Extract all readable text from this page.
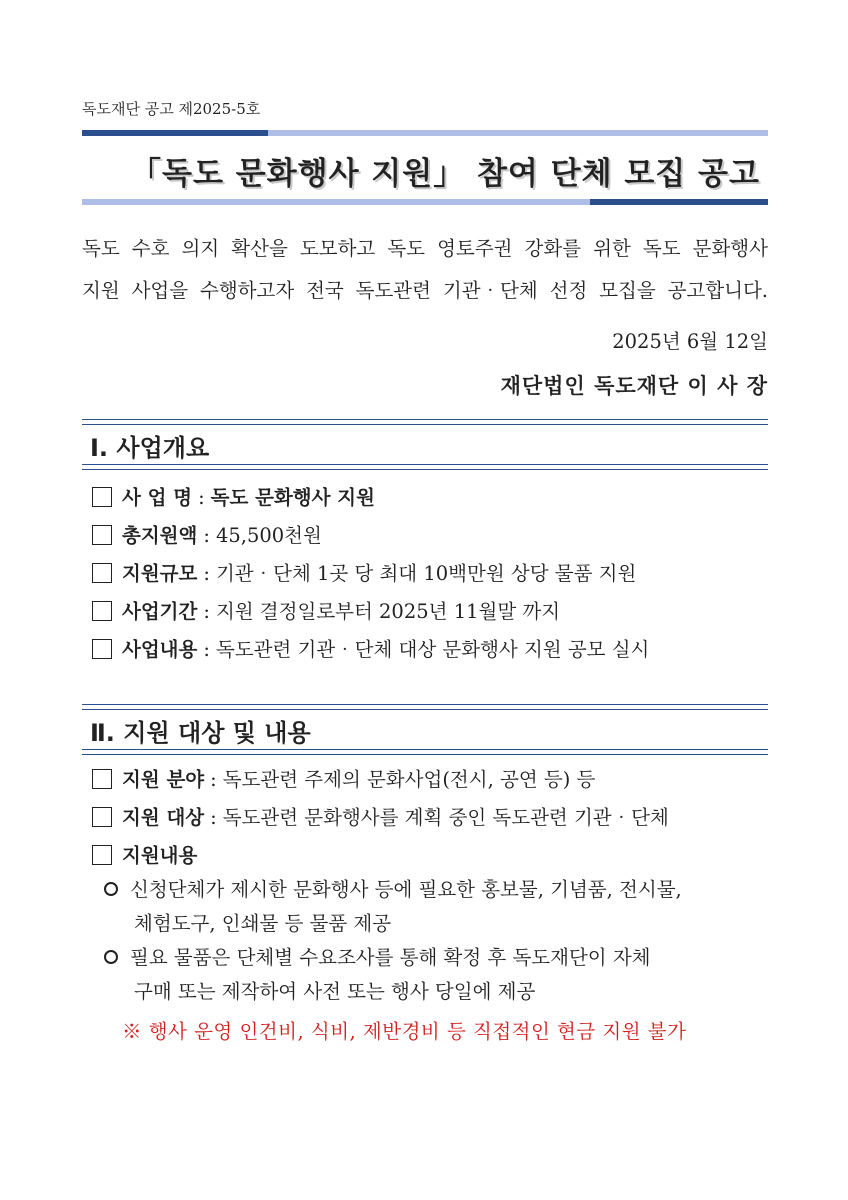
독도재단 공고 제2025-5호
「독도 문화행사 지원」 참여 단체 모집 공고
독도 수호 의지 확산을 도모하고 독도 영토주권 강화를 위한 독도 문화행사
지원 사업을 수행하고자 전국 독도관련 기관‧단체 선정 모집을 공고합니다.
2025년 6월 12일
재단법인 독도재단 이 사 장
Ⅰ. 사업개요
사 업 명 : 독도 문화행사 지원
총지원액 : 45,500천원
지원규모 : 기관‧단체 1곳 당 최대 10백만원 상당 물품 지원
사업기간 : 지원 결정일로부터 2025년 11월말 까지
사업내용 : 독도관련 기관‧단체 대상 문화행사 지원 공모 실시
Ⅱ. 지원 대상 및 내용
지원 분야 : 독도관련 주제의 문화사업(전시, 공연 등) 등
지원 대상 : 독도관련 문화행사를 계획 중인 독도관련 기관‧단체
지원내용
신청단체가 제시한 문화행사 등에 필요한 홍보물, 기념품, 전시물,
체험도구, 인쇄물 등 물품 제공
필요 물품은 단체별 수요조사를 통해 확정 후 독도재단이 자체
구매 또는 제작하여 사전 또는 행사 당일에 제공
※ 행사 운영 인건비, 식비, 제반경비 등 직접적인 현금 지원 불가
